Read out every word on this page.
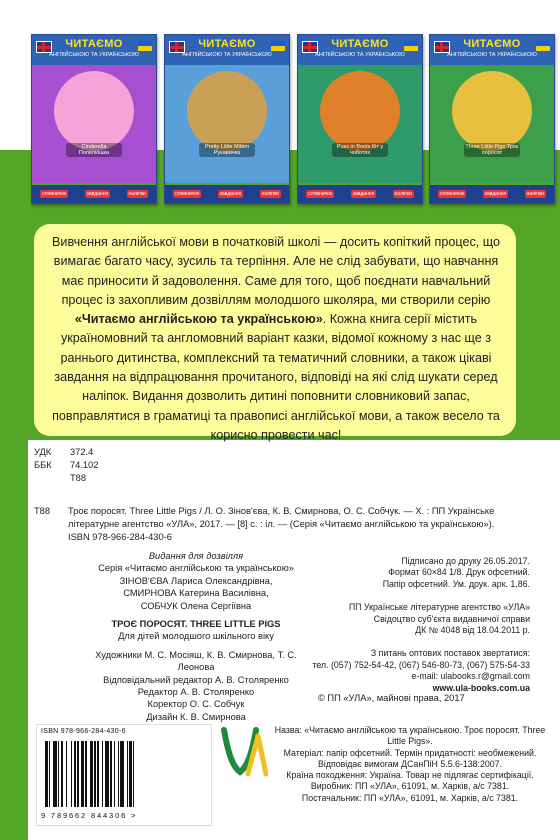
ЧИТАЄМО
АНГЛІЙСЬКОЮ ТА УКРАЇНСЬКОЮ
Cinderella Попелюшка
словничок	завдання	наліпки
ЧИТАЄМО
АНГЛІЙСЬКОЮ ТА УКРАЇНСЬКОЮ
Pretty Little Mitten Рукавичка
словничок	завдання	наліпки
ЧИТАЄМО
АНГЛІЙСЬКОЮ ТА УКРАЇНСЬКОЮ
Puss in Boots Кіт у чоботях
словничок	завдання	наліпки
ЧИТАЄМО
АНГЛІЙСЬКОЮ ТА УКРАЇНСЬКОЮ
Three Little Pigs Троє поросят
словничок	завдання	наліпки

Вивчення англійської мови в початковій школі — досить копіткий процес, що вимагає багато часу, зусиль та терпіння. Але не слід забувати, що навчання має приносити й задоволення. Саме для того, щоб поєднати навчальний процес із захопливим дозвіллям молодшого школяра, ми створили серію «Читаємо англійською та українською». Кожна книга серії містить україномовний та англомовний варіант казки, відомої кожному з нас ще з раннього дитинства, комплексний та тематичний словники, а також цікаві завдання на відпрацювання прочитаного, відповіді на які слід шукати серед наліпок. Видання дозволить дитині поповнити словниковий запас, повправлятися в граматиці та правописі англійської мови, а також весело та корисно провести час!

УДК 372.4
ББК 74.102
Т88
Т88 Троє поросят. Three Little Pigs / Л. О. Зінов'єва, К. В. Смирнова, О. С. Собчук. — Х. : ПП Українське літературне агентство «УЛА», 2017. — [8] с. : іл. — (Серія «Читаємо англійською та українською»).
ISBN 978-966-284-430-6
Видання для дозвілля
Серія «Читаємо англійською та українською»
ЗІНОВ'ЄВА Лариса Олександрівна,
СМИРНОВА Катерина Василівна,
СОБЧУК Олена Сергіївна
ТРОЄ ПОРОСЯТ. THREE LITTLE PIGS
Для дітей молодшого шкільного віку
Художники М. С. Мосіяш, К. В. Смирнова, Т. С. Леонова
Відповідальний редактор А. В. Столяренко
Редактор А. В. Столяренко
Коректор О. С. Собчук
Дизайн К. В. Смирнова
Підписано до друку 26.05.2017.
Формат 60×84 1/8. Друк офсетний.
Папір офсетний. Ум. друк. арк. 1,86.
ПП Українське літературне агентство «УЛА»
Свідоцтво суб'єкта видавничої справи
ДК № 4048 від 18.04.2011 р.
З питань оптових поставок звертатися:
тел. (057) 752-54-42, (067) 546-80-73, (067) 575-54-33
e-mail: ulabooks.r@gmail.com
www.ula-books.com.ua
© ПП «УЛА», майнові права, 2017
ISBN 978-966-284-430-6
9 789662 844306 >
Назва: «Читаємо англійською та українською. Троє поросят. Three Little Pigs».
Матеріал: папір офсетний. Термін придатності: необмежений.
Відповідає вимогам ДСанПіН 5.5.6-138:2007.
Країна походження: Україна. Товар не підлягає сертифікації.
Виробник: ПП «УЛА», 61091, м. Харків, а/с 7381.
Постачальник: ПП «УЛА», 61091, м. Харків, а/с 7381.
